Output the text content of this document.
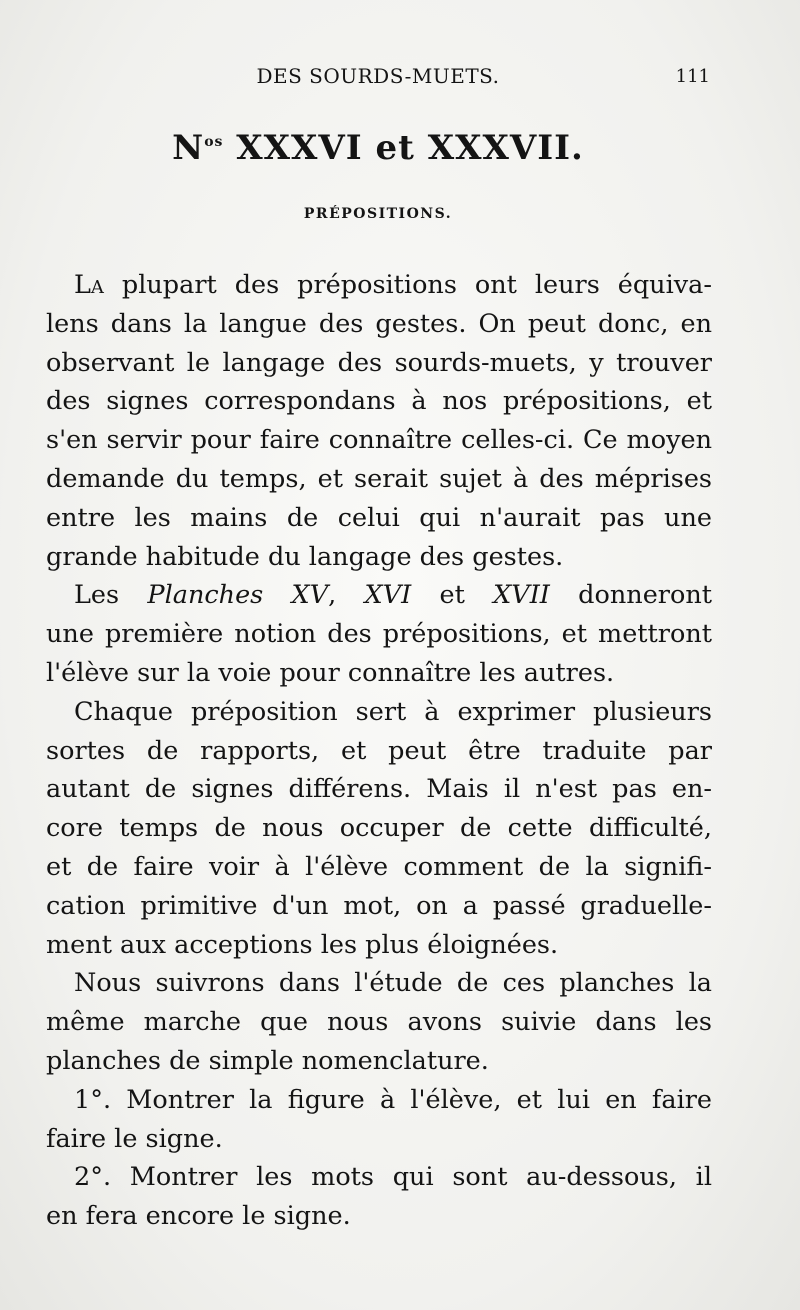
DES SOURDS-MUETS.	111
$N^{os}$ XXXVI et XXXVII.
PRÉPOSITIONS.
La plupart des prépositions ont leurs équiva-
lens dans la langue des gestes. On peut donc, en
observant le langage des sourds-muets, y trouver
des signes correspondans à nos prépositions, et
s'en servir pour faire connaître celles-ci. Ce moyen
demande du temps, et serait sujet à des méprises
entre les mains de celui qui n'aurait pas une
grande habitude du langage des gestes.
Les Planches XV, XVI et XVII donneront
une première notion des prépositions, et mettront
l'élève sur la voie pour connaître les autres.
Chaque préposition sert à exprimer plusieurs
sortes de rapports, et peut être traduite par
autant de signes différens. Mais il n'est pas en-
core temps de nous occuper de cette difficulté,
et de faire voir à l'élève comment de la signifi-
cation primitive d'un mot, on a passé graduelle-
ment aux acceptions les plus éloignées.
Nous suivrons dans l'étude de ces planches la
même marche que nous avons suivie dans les
planches de simple nomenclature.
1°. Montrer la figure à l'élève, et lui en faire
faire le signe.
2°. Montrer les mots qui sont au-dessous, il
en fera encore le signe.
